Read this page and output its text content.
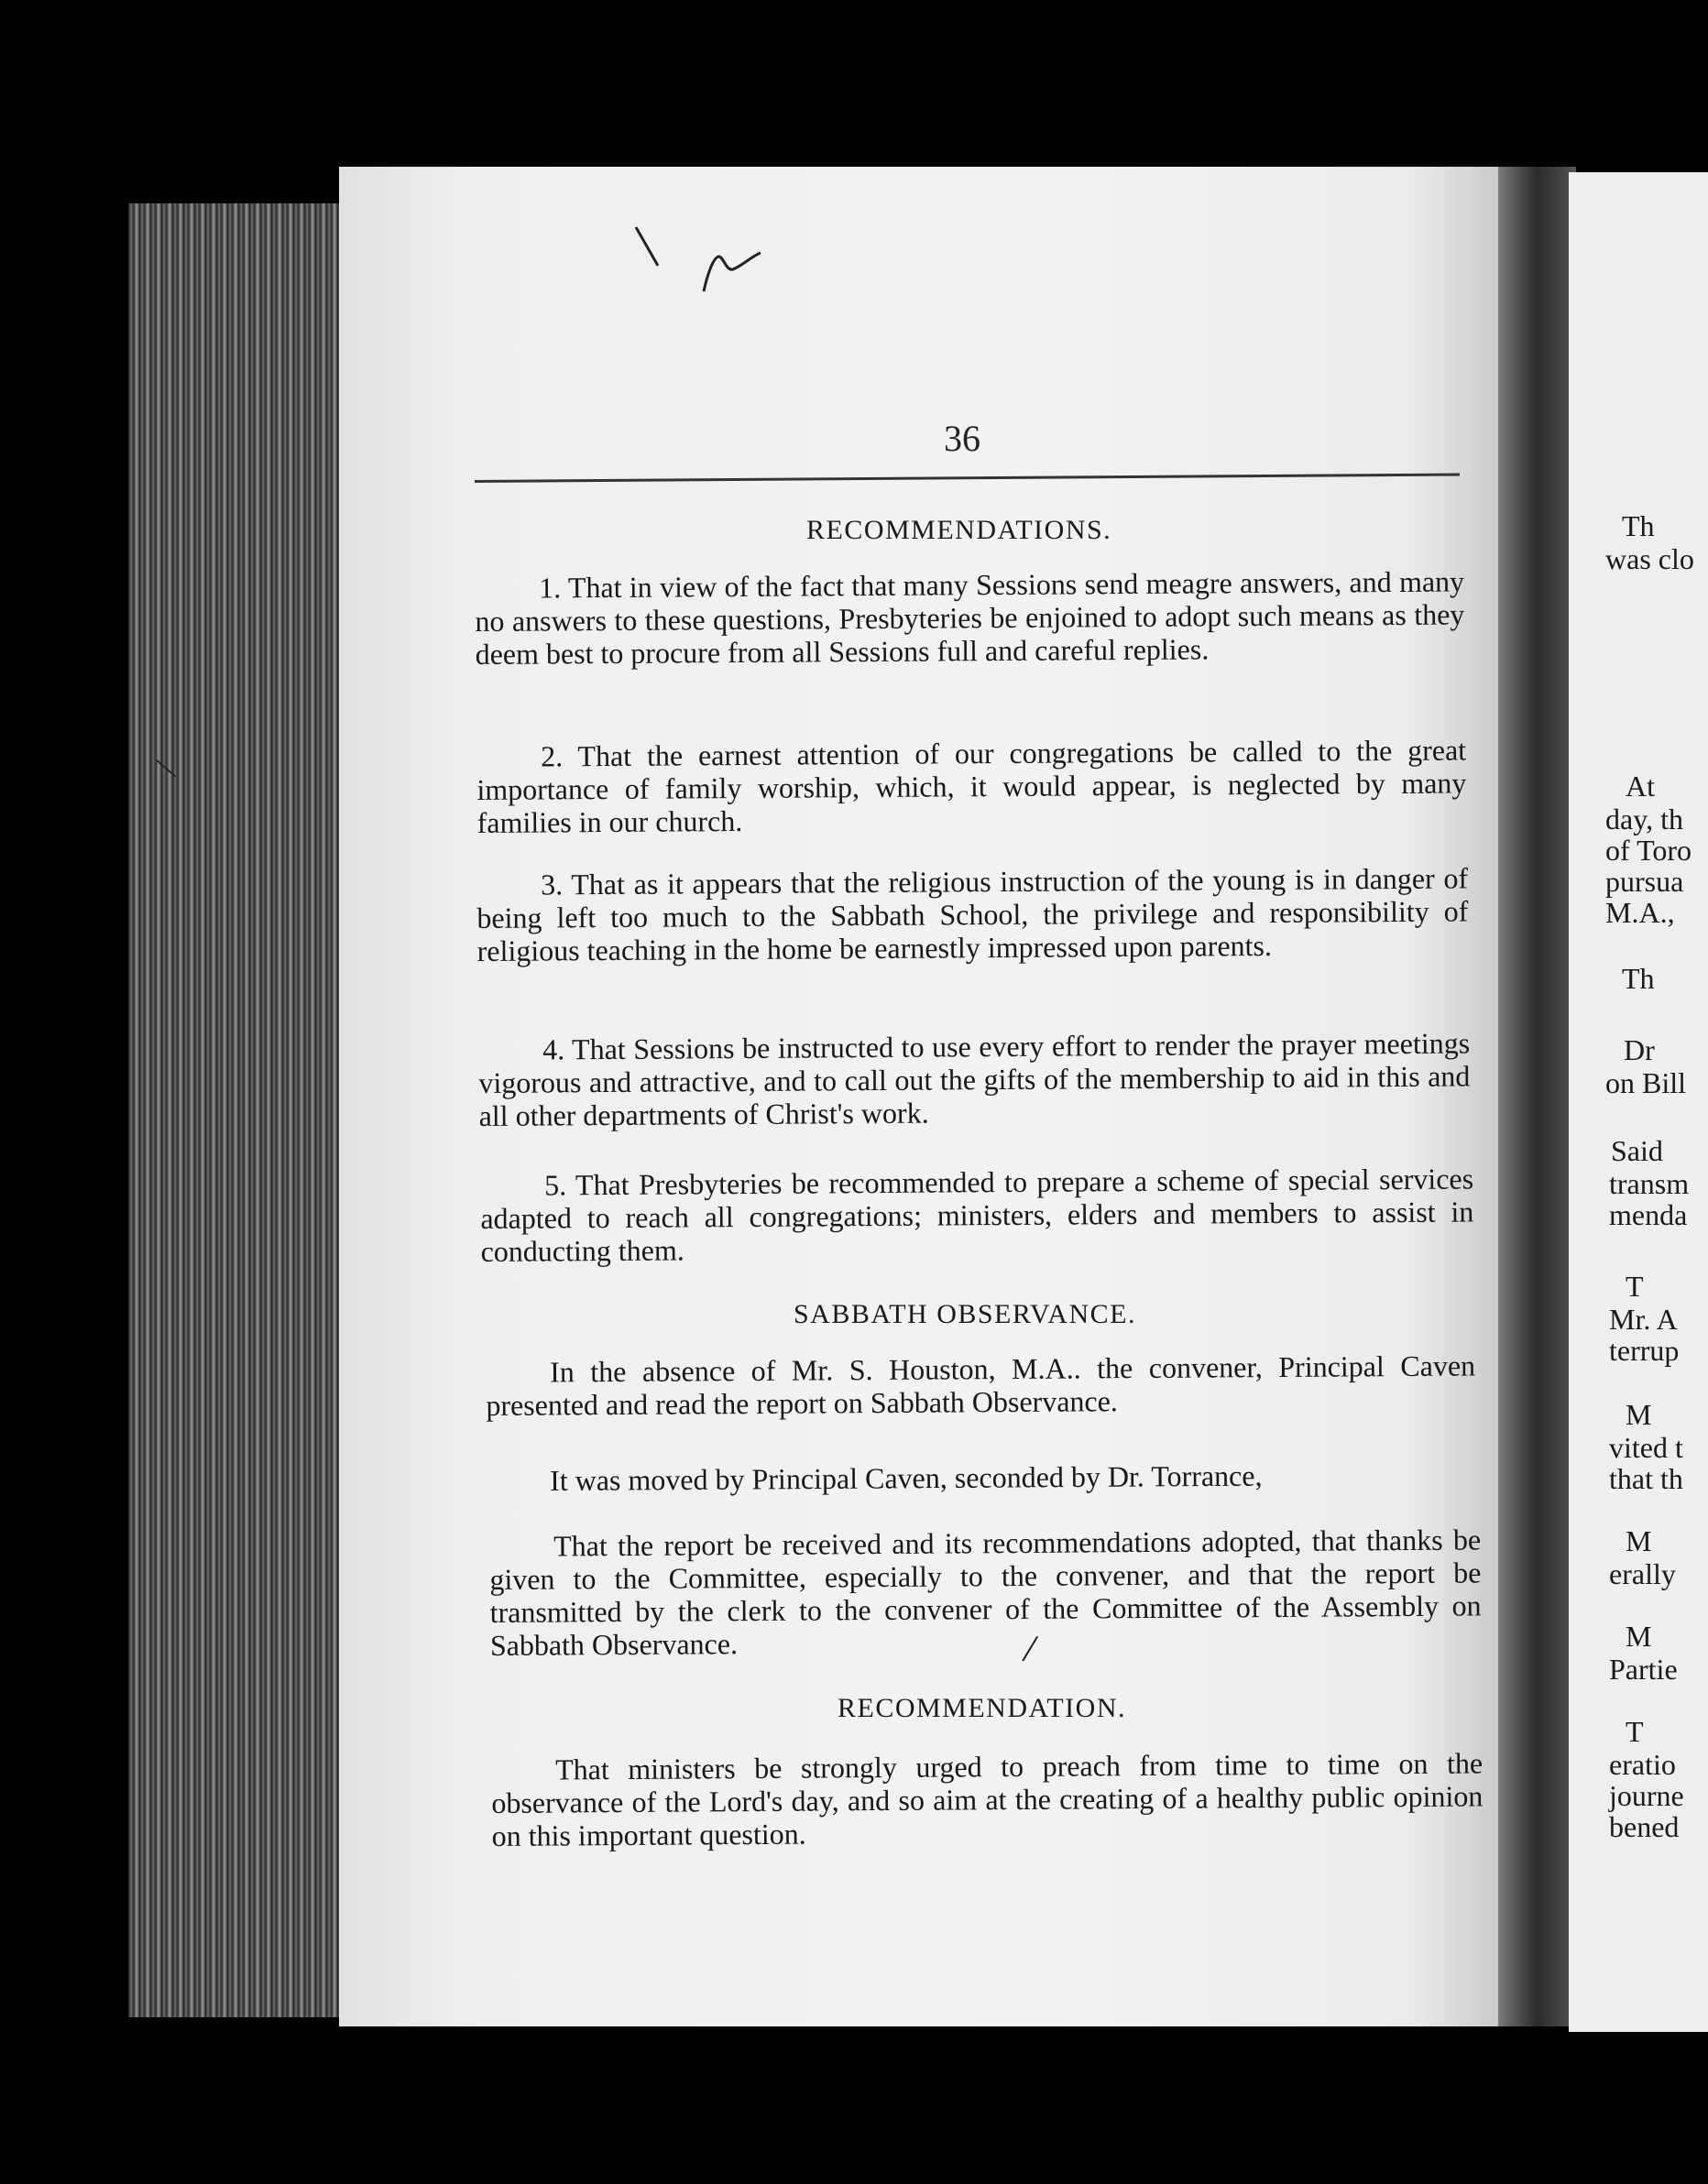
Th
was clo
At
day, th
of Toro
pursua
M.A.,
Th
Dr
on Bill
Said
transm
menda
T
Mr. A
terrup
M
vited t
that th
M
erally
M
Partie
T
eratio
journe
bened
36
RECOMMENDATIONS.
1. That in view of the fact that many Sessions send meagre answers, and many no answers to these questions, Presbyteries be enjoined to adopt such means as they deem best to procure from all Sessions full and careful replies.
2. That the earnest attention of our congregations be called to the great importance of family worship, which, it would appear, is neglected by many families in our church.
3. That as it appears that the religious instruction of the young is in danger of being left too much to the Sabbath School, the privilege and responsibility of religious teaching in the home be earnestly impressed upon parents.
4. That Sessions be instructed to use every effort to render the prayer meetings vigorous and attractive, and to call out the gifts of the membership to aid in this and all other departments of Christ's work.
5. That Presbyteries be recommended to prepare a scheme of special services adapted to reach all congregations; ministers, elders and members to assist in conducting them.
SABBATH OBSERVANCE.
In the absence of Mr. S. Houston, M.A.. the convener, Principal Caven presented and read the report on Sabbath Observance.
It was moved by Principal Caven, seconded by Dr. Torrance,
That the report be received and its recommendations adopted, that thanks be given to the Committee, especially to the convener, and that the report be transmitted by the clerk to the convener of the Committee of the Assembly on Sabbath Observance.
RECOMMENDATION.
That ministers be strongly urged to preach from time to time on the observance of the Lord's day, and so aim at the creating of a healthy public opinion on this important question.
/
\
